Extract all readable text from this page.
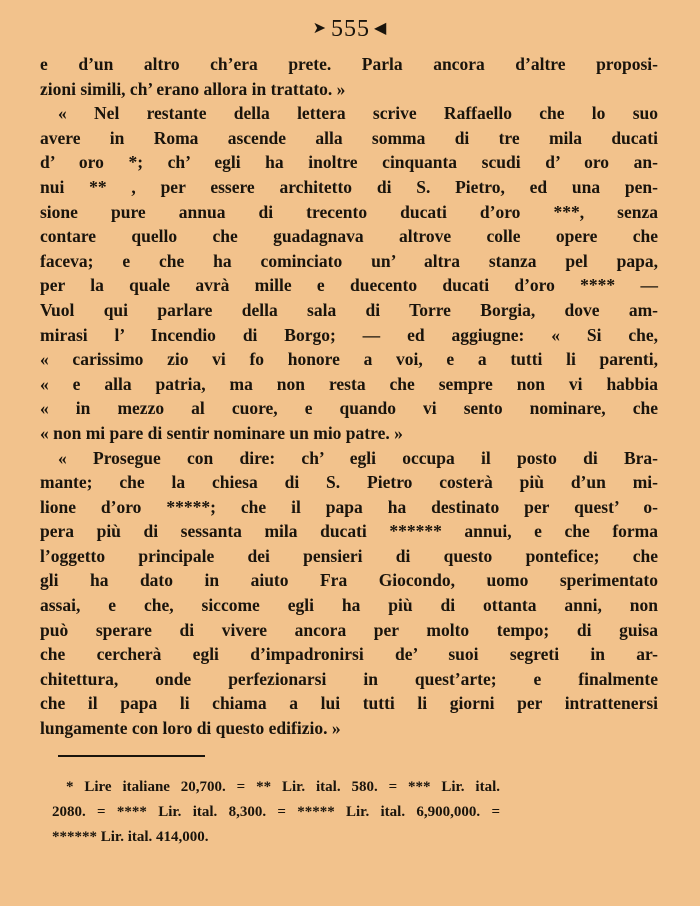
➤ 555 ◀
e d’un altro ch’era prete. Parla ancora d’altre proposi-
zioni simili, ch’ erano allora in trattato. »
« Nel restante della lettera scrive Raffaello che lo suo
avere in Roma ascende alla somma di tre mila ducati
d’ oro *; ch’ egli ha inoltre cinquanta scudi d’ oro an-
nui ** , per essere architetto di S. Pietro, ed una pen-
sione pure annua di trecento ducati d’oro ***, senza
contare quello che guadagnava altrove colle opere che
faceva; e che ha cominciato un’ altra stanza pel papa,
per la quale avrà mille e duecento ducati d’oro **** —
Vuol qui parlare della sala di Torre Borgia, dove am-
mirasi l’ Incendio di Borgo; — ed aggiugne: « Si che,
« carissimo zio vi fo honore a voi, e a tutti li parenti,
« e alla patria, ma non resta che sempre non vi habbia
« in mezzo al cuore, e quando vi sento nominare, che
« non mi pare di sentir nominare un mio patre. »
« Prosegue con dire: ch’ egli occupa il posto di Bra-
mante; che la chiesa di S. Pietro costerà più d’un mi-
lione d’oro *****; che il papa ha destinato per quest’ o-
pera più di sessanta mila ducati ****** annui, e che forma
l’oggetto principale dei pensieri di questo pontefice; che
gli ha dato in aiuto Fra Giocondo, uomo sperimentato
assai, e che, siccome egli ha più di ottanta anni, non
può sperare di vivere ancora per molto tempo; di guisa
che cercherà egli d’impadronirsi de’ suoi segreti in ar-
chitettura, onde perfezionarsi in quest’arte; e finalmente
che il papa li chiama a lui tutti li giorni per intrattenersi
lungamente con loro di questo edifizio. »
* Lire italiane 20,700. = ** Lir. ital. 580. = *** Lir. ital.
2080. = **** Lir. ital. 8,300. = ***** Lir. ital. 6,900,000. =
****** Lir. ital. 414,000.
